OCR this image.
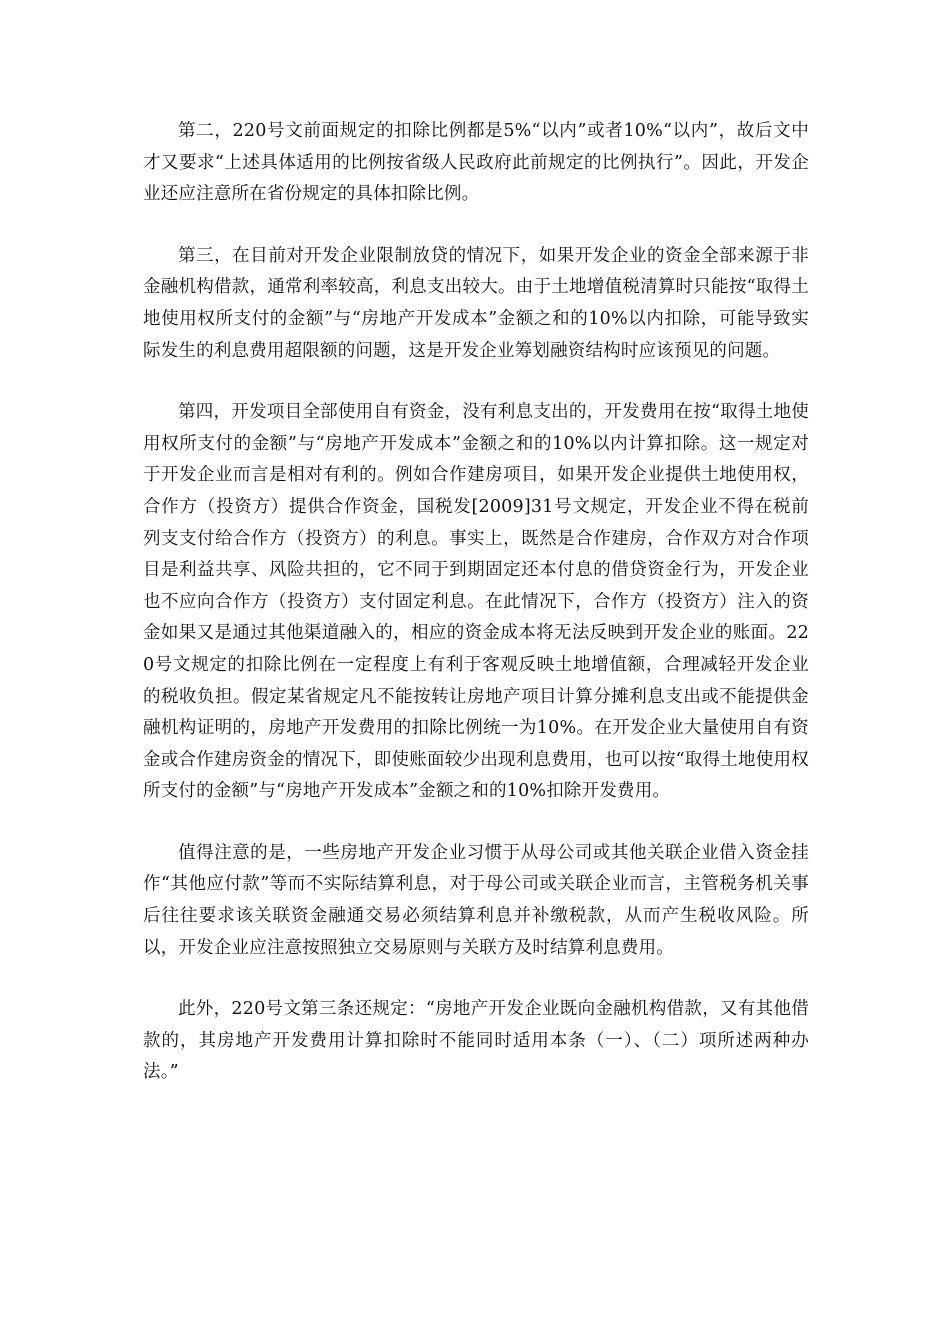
第二，220号文前面规定的扣除比例都是5%“以内”或者10%“以内”，故后文中才又要求“上述具体适用的比例按省级人民政府此前规定的比例执行”。因此，开发企业还应注意所在省份规定的具体扣除比例。

第三，在目前对开发企业限制放贷的情况下，如果开发企业的资金全部来源于非金融机构借款，通常利率较高，利息支出较大。由于土地增值税清算时只能按“取得土地使用权所支付的金额”与“房地产开发成本”金额之和的10%以内扣除，可能导致实际发生的利息费用超限额的问题，这是开发企业筹划融资结构时应该预见的问题。

第四，开发项目全部使用自有资金，没有利息支出的，开发费用在按“取得土地使用权所支付的金额”与“房地产开发成本”金额之和的10%以内计算扣除。这一规定对于开发企业而言是相对有利的。例如合作建房项目，如果开发企业提供土地使用权，合作方（投资方）提供合作资金，国税发[2009]31号文规定，开发企业不得在税前列支支付给合作方（投资方）的利息。事实上，既然是合作建房，合作双方对合作项目是利益共享、风险共担的，它不同于到期固定还本付息的借贷资金行为，开发企业也不应向合作方（投资方）支付固定利息。在此情况下，合作方（投资方）注入的资金如果又是通过其他渠道融入的，相应的资金成本将无法反映到开发企业的账面。220号文规定的扣除比例在一定程度上有利于客观反映土地增值额，合理减轻开发企业的税收负担。假定某省规定凡不能按转让房地产项目计算分摊利息支出或不能提供金融机构证明的，房地产开发费用的扣除比例统一为10%。在开发企业大量使用自有资金或合作建房资金的情况下，即使账面较少出现利息费用，也可以按“取得土地使用权所支付的金额”与“房地产开发成本”金额之和的10%扣除开发费用。

值得注意的是，一些房地产开发企业习惯于从母公司或其他关联企业借入资金挂作“其他应付款”等而不实际结算利息，对于母公司或关联企业而言，主管税务机关事后往往要求该关联资金融通交易必须结算利息并补缴税款，从而产生税收风险。所以，开发企业应注意按照独立交易原则与关联方及时结算利息费用。

此外，220号文第三条还规定：“房地产开发企业既向金融机构借款，又有其他借款的，其房地产开发费用计算扣除时不能同时适用本条（一）、（二）项所述两种办法。”
